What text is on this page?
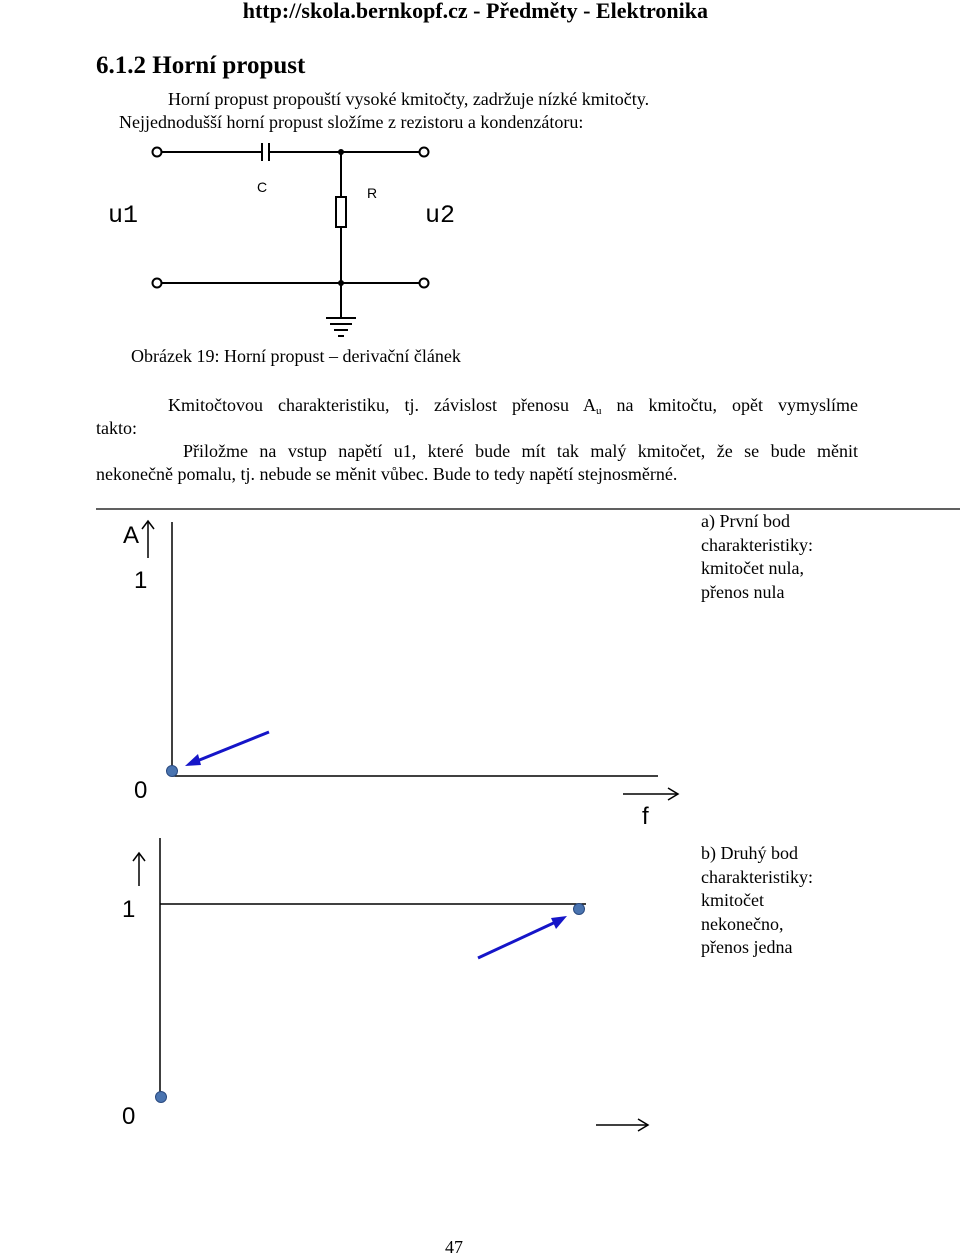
http://skola.bernkopf.cz - Předměty - Elektronika
6.1.2 Horní propust
Horní propust propouští vysoké kmitočty, zadržuje nízké kmitočty.
Nejjednodušší horní propust složíme z rezistoru a kondenzátoru:
C	R
u1	u2
Obrázek 19: Horní propust – derivační článek
Kmitočtovou charakteristiku, tj. závislost přenosu $A_u$ na kmitočtu, opět vymyslíme
takto:
Přiložme na vstup napětí u1, které bude mít tak malý kmitočet, že se bude měnit
nekonečně pomalu, tj. nebude se měnit vůbec. Bude to tedy napětí stejnosměrné.
A
1
0
f
a) První bod
charakteristiky:
kmitočet nula,
přenos nula
1
0
b) Druhý bod
charakteristiky:
kmitočet
nekonečno,
přenos jedna
47
